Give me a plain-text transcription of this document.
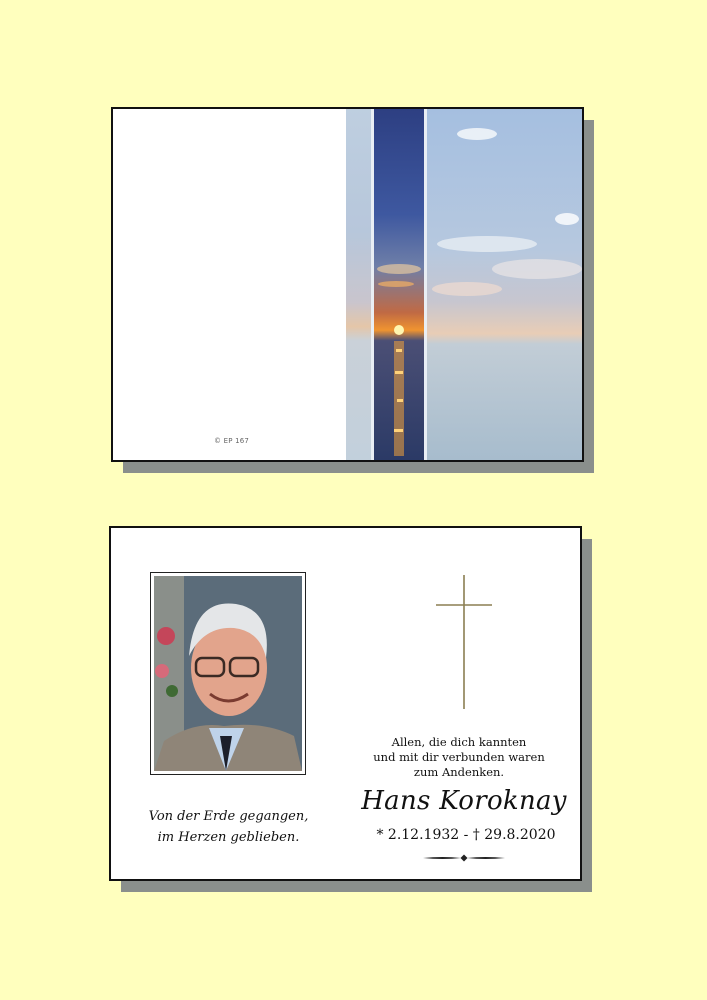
© EP 167
Von der Erde gegangen,
im Herzen geblieben.
Allen, die dich kannten
und mit dir verbunden waren
zum Andenken.
Hans Koroknay
* 2.12.1932 - † 29.8.2020
